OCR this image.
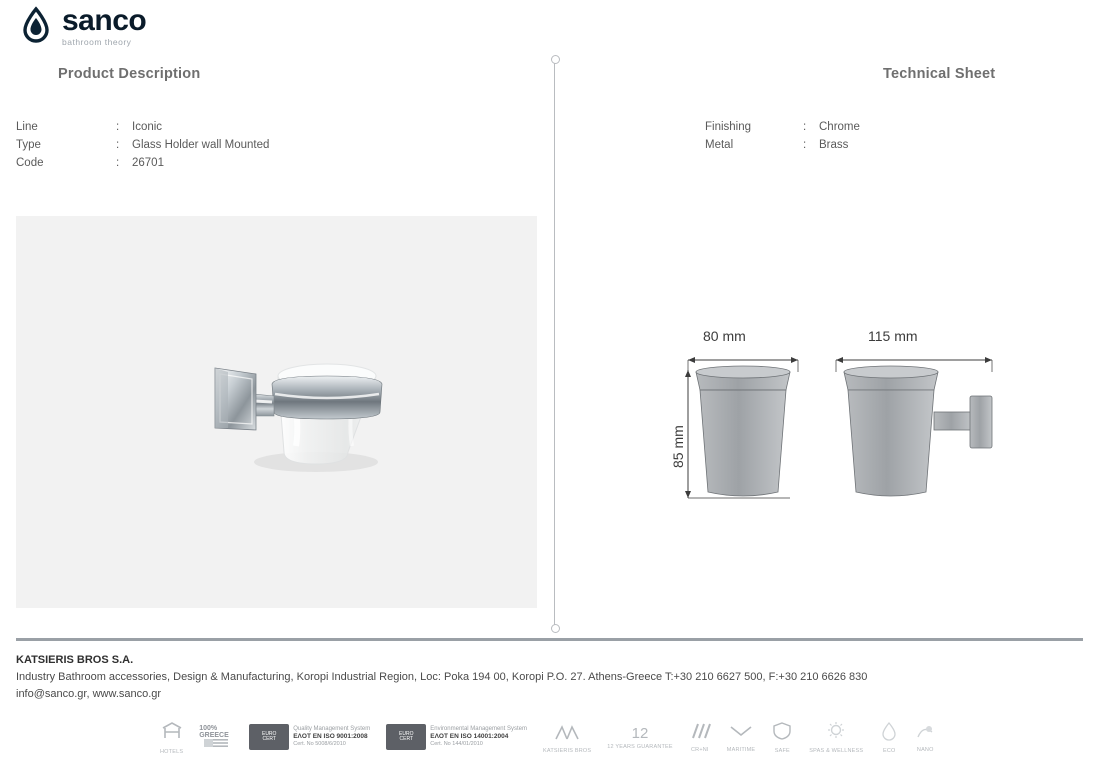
sanco
bathroom theory
Product Description	Technical Sheet
Line	:	Iconic
Type	:	Glass Holder wall Mounted
Code	:	26701
Finishing	:	Chrome
Metal	:	Brass
80 mm	115 mm
85 mm
KATSIERIS BROS S.A.
Industry Bathroom accessories, Design & Manufacturing, Koropi Industrial Region, Loc: Poka 194 00, Koropi P.O. 27. Athens-Greece T:+30 210 6627 500, F:+30 210 6626 830
info@sanco.gr, www.sanco.gr
HOTELS
100% GREECE	EURO
CERT
Quality Management System
EΛOT EN ISO 9001:2008
Cert. No 5008/6/2010
EURO
CERT
Environmental Management System
EΛOT EN ISO 14001:2004
Cert. No 144/01/2010
KATSIERIS BROS
12
12 YEARS GUARANTEE	CR+NI	MARITIME	SAFE	SPAS & WELLNESS	ECO	NANO
